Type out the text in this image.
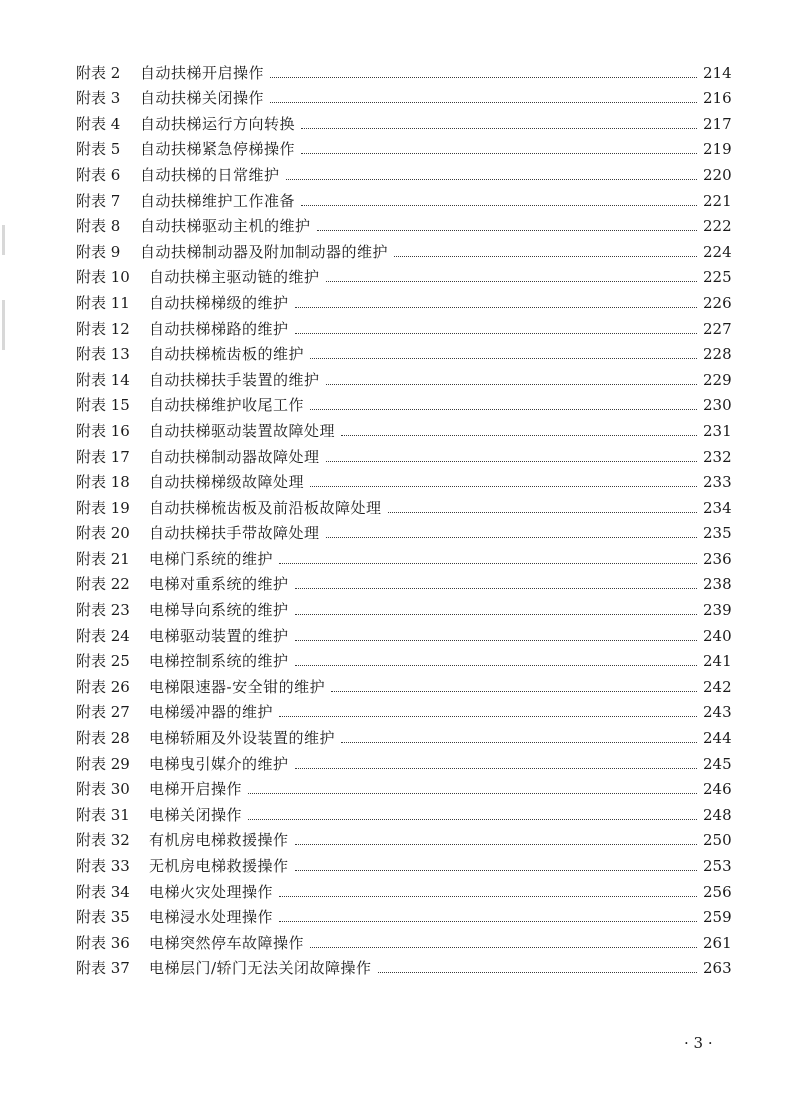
附表 2	自动扶梯开启操作	214
附表 3	自动扶梯关闭操作	216
附表 4	自动扶梯运行方向转换	217
附表 5	自动扶梯紧急停梯操作	219
附表 6	自动扶梯的日常维护	220
附表 7	自动扶梯维护工作准备	221
附表 8	自动扶梯驱动主机的维护	222
附表 9	自动扶梯制动器及附加制动器的维护	224
附表 10	自动扶梯主驱动链的维护	225
附表 11	自动扶梯梯级的维护	226
附表 12	自动扶梯梯路的维护	227
附表 13	自动扶梯梳齿板的维护	228
附表 14	自动扶梯扶手装置的维护	229
附表 15	自动扶梯维护收尾工作	230
附表 16	自动扶梯驱动装置故障处理	231
附表 17	自动扶梯制动器故障处理	232
附表 18	自动扶梯梯级故障处理	233
附表 19	自动扶梯梳齿板及前沿板故障处理	234
附表 20	自动扶梯扶手带故障处理	235
附表 21	电梯门系统的维护	236
附表 22	电梯对重系统的维护	238
附表 23	电梯导向系统的维护	239
附表 24	电梯驱动装置的维护	240
附表 25	电梯控制系统的维护	241
附表 26	电梯限速器-安全钳的维护	242
附表 27	电梯缓冲器的维护	243
附表 28	电梯轿厢及外设装置的维护	244
附表 29	电梯曳引媒介的维护	245
附表 30	电梯开启操作	246
附表 31	电梯关闭操作	248
附表 32	有机房电梯救援操作	250
附表 33	无机房电梯救援操作	253
附表 34	电梯火灾处理操作	256
附表 35	电梯浸水处理操作	259
附表 36	电梯突然停车故障操作	261
附表 37	电梯层门/轿门无法关闭故障操作	263
· 3 ·
